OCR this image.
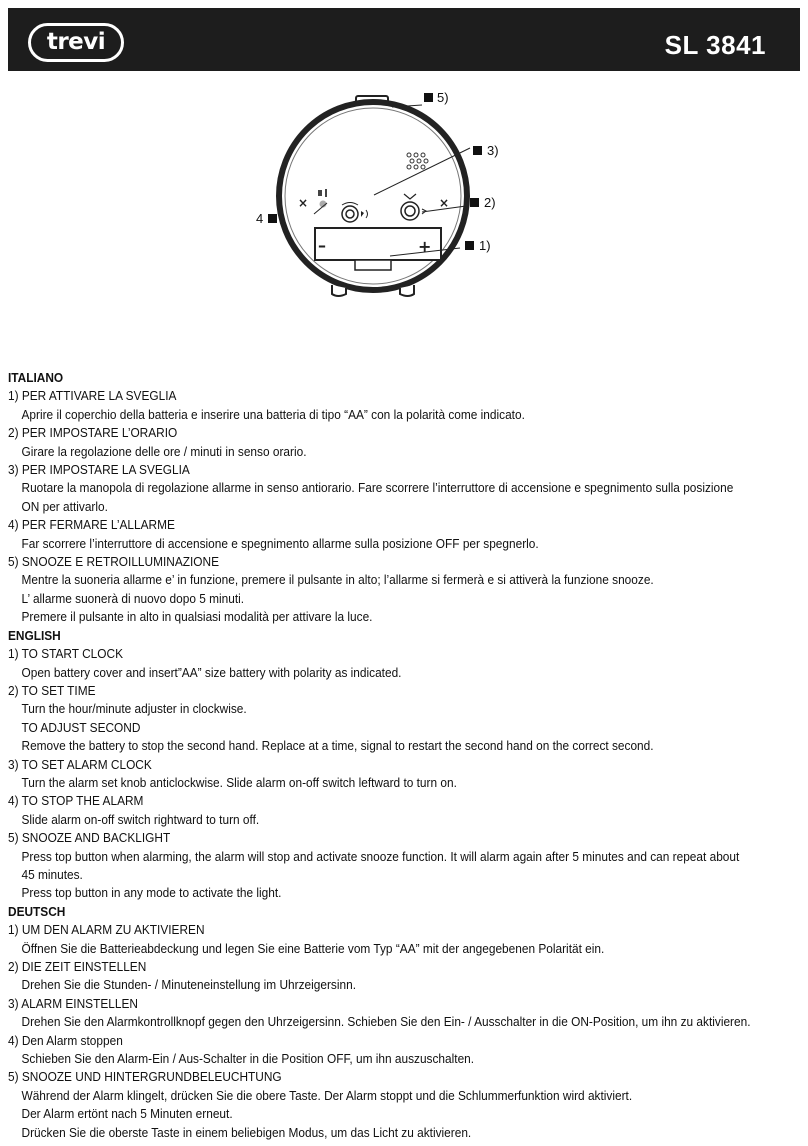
trevi	SL 3841
×	×
–	+
5)
3)
2)
1)
4
ITALIANO
1) PER ATTIVARE LA SVEGLIA
Aprire il coperchio della batteria e inserire una batteria di tipo “AA” con la polarità come indicato.
2) PER IMPOSTARE L’ORARIO
Girare la regolazione delle ore / minuti in senso orario.
3) PER IMPOSTARE LA SVEGLIA
Ruotare la manopola di regolazione allarme in senso antiorario. Fare scorrere l’interruttore di accensione e spegnimento sulla posizione
ON per attivarlo.
4) PER FERMARE L’ALLARME
Far scorrere l’interruttore di accensione e spegnimento allarme sulla posizione OFF per spegnerlo.
5) SNOOZE E RETROILLUMINAZIONE
Mentre la suoneria allarme e’ in funzione, premere il pulsante in alto; l’allarme si fermerà e si attiverà la funzione snooze.
L’ allarme suonerà di nuovo dopo 5 minuti.
Premere il pulsante in alto in qualsiasi modalità per attivare la luce.
ENGLISH
1) TO START CLOCK
Open battery cover and insert”AA” size battery with polarity as indicated.
2) TO SET TIME
Turn the hour/minute adjuster in clockwise.
TO ADJUST SECOND
Remove the battery to stop the second hand. Replace at a time, signal to restart the second hand on the correct second.
3) TO SET ALARM CLOCK
Turn the alarm set knob anticlockwise. Slide alarm on-off switch leftward to turn on.
4) TO STOP THE ALARM
Slide alarm on-off switch rightward to turn off.
5) SNOOZE AND BACKLIGHT
Press top button when alarming, the alarm will stop and activate snooze function. It will alarm again after 5 minutes and can repeat about
45 minutes.
Press top button in any mode to activate the light.
DEUTSCH
1) UM DEN ALARM ZU AKTIVIEREN
Öffnen Sie die Batterieabdeckung und legen Sie eine Batterie vom Typ “AA” mit der angegebenen Polarität ein.
2) DIE ZEIT EINSTELLEN
Drehen Sie die Stunden- / Minuteneinstellung im Uhrzeigersinn.
3) ALARM EINSTELLEN
Drehen Sie den Alarmkontrollknopf gegen den Uhrzeigersinn. Schieben Sie den Ein- / Ausschalter in die ON-Position, um ihn zu aktivieren.
4) Den Alarm stoppen
Schieben Sie den Alarm-Ein / Aus-Schalter in die Position OFF, um ihn auszuschalten.
5) SNOOZE UND HINTERGRUNDBELEUCHTUNG
Während der Alarm klingelt, drücken Sie die obere Taste. Der Alarm stoppt und die Schlummerfunktion wird aktiviert.
Der Alarm ertönt nach 5 Minuten erneut.
Drücken Sie die oberste Taste in einem beliebigen Modus, um das Licht zu aktivieren.
